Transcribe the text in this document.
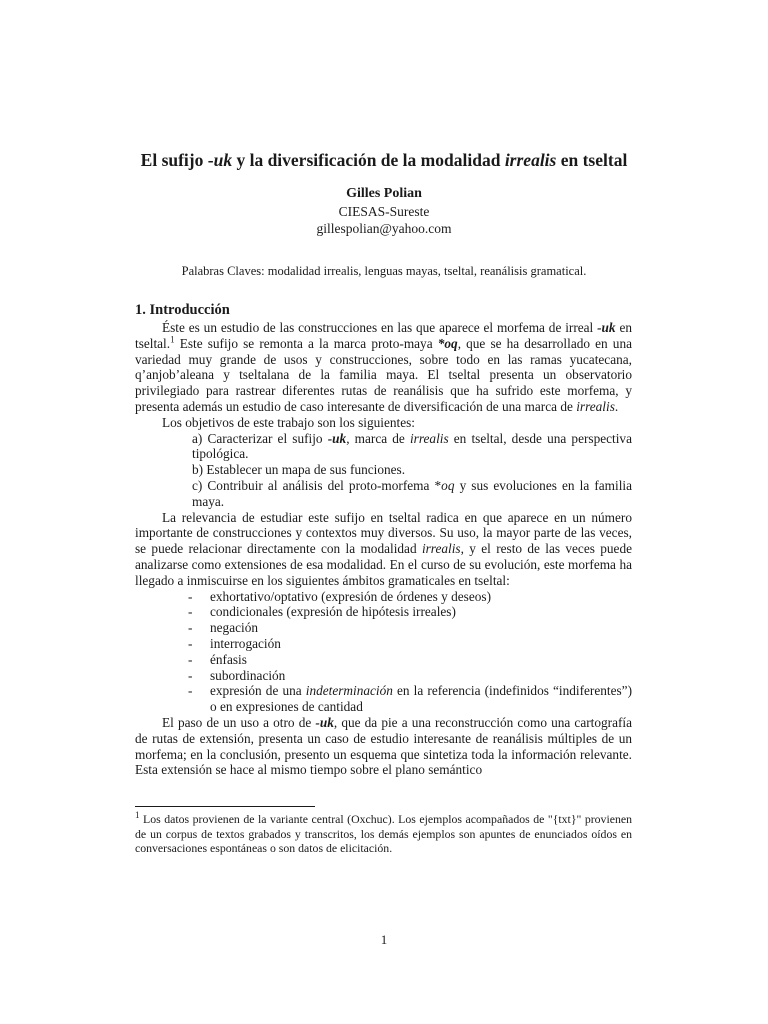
El sufijo -uk y la diversificación de la modalidad irrealis en tseltal
Gilles Polian
CIESAS-Sureste
gillespolian@yahoo.com
Palabras Claves: modalidad irrealis, lenguas mayas, tseltal, reanálisis gramatical.
1. Introducción

Éste es un estudio de las construcciones en las que aparece el morfema de irreal -uk en tseltal.$^1$ Este sufijo se remonta a la marca proto-maya *oq, que se ha desarrollado en una variedad muy grande de usos y construcciones, sobre todo en las ramas yucatecana, qʼanjobʼaleana y tseltalana de la familia maya. El tseltal presenta un observatorio privilegiado para rastrear diferentes rutas de reanálisis que ha sufrido este morfema, y presenta además un estudio de caso interesante de diversificación de una marca de irrealis.

Los objetivos de este trabajo son los siguientes:

a) Caracterizar el sufijo -uk, marca de irrealis en tseltal, desde una perspectiva tipológica.
b) Establecer un mapa de sus funciones.
c) Contribuir al análisis del proto-morfema *oq y sus evoluciones en la familia maya.

La relevancia de estudiar este sufijo en tseltal radica en que aparece en un número importante de construcciones y contextos muy diversos. Su uso, la mayor parte de las veces, se puede relacionar directamente con la modalidad irrealis, y el resto de las veces puede analizarse como extensiones de esa modalidad. En el curso de su evolución, este morfema ha llegado a inmiscuirse en los siguientes ámbitos gramaticales en tseltal:

- exhortativo/optativo (expresión de órdenes y deseos)
- condicionales (expresión de hipótesis irreales)
- negación
- interrogación
- énfasis
- subordinación
- expresión de una indeterminación en la referencia (indefinidos “indiferentes”) o en expresiones de cantidad

El paso de un uso a otro de -uk, que da pie a una reconstrucción como una cartografía de rutas de extensión, presenta un caso de estudio interesante de reanálisis múltiples de un morfema; en la conclusión, presento un esquema que sintetiza toda la información relevante. Esta extensión se hace al mismo tiempo sobre el plano semántico

$^1$ Los datos provienen de la variante central (Oxchuc). Los ejemplos acompañados de "{txt}" provienen de un corpus de textos grabados y transcritos, los demás ejemplos son apuntes de enunciados oídos en conversaciones espontáneas o son datos de elicitación.
1
